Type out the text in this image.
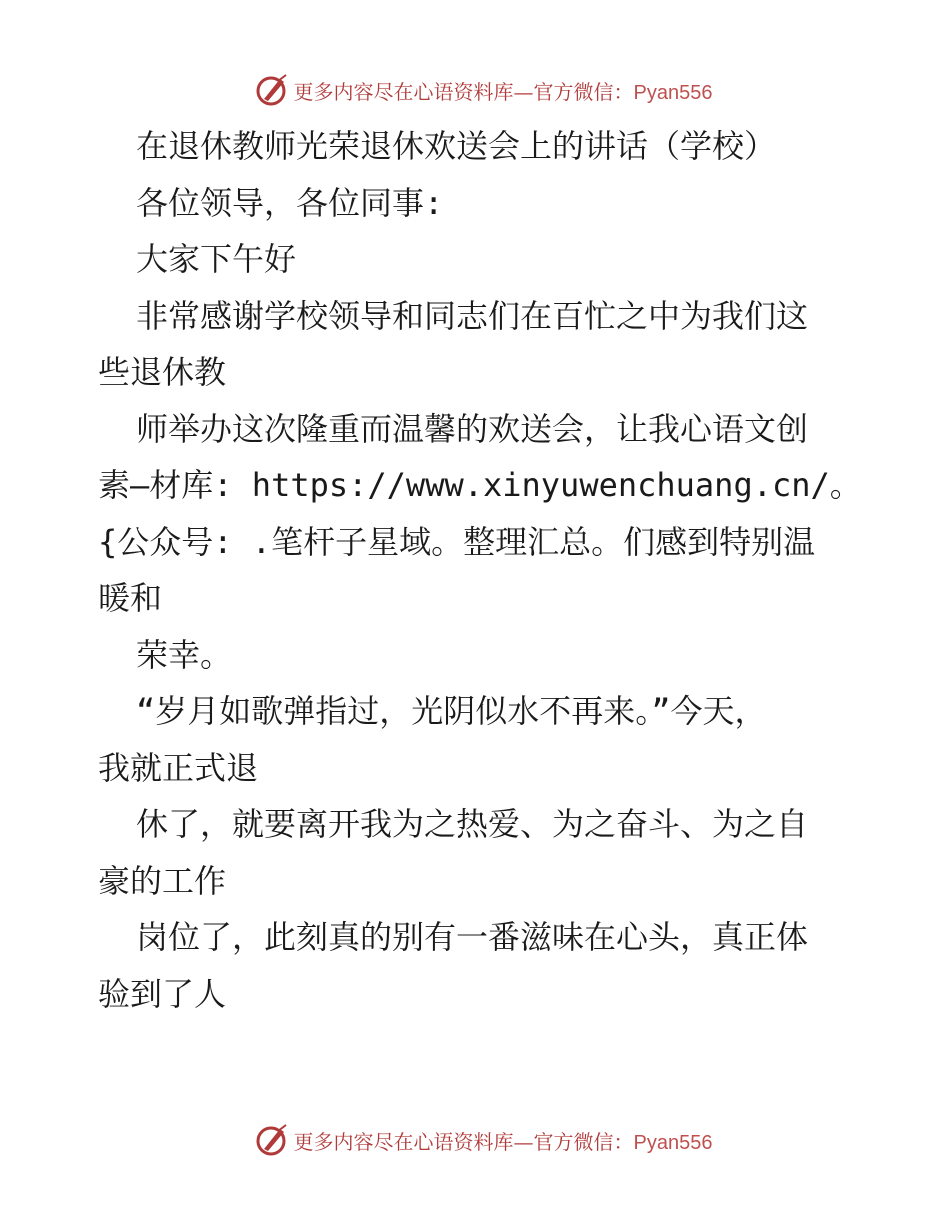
更多内容尽在心语资料库—官方微信：Pyan556
在退休教师光荣退休欢送会上的讲话（学校）
各位领导，各位同事:
大家下午好
非常感谢学校领导和同志们在百忙之中为我们这
些退休教
师举办这次隆重而温馨的欢送会，让我心语文创
素—材库: https://www.xinyuwenchuang.cn/。
{公众号: .笔杆子星域。整理汇总。们感到特别温
暖和
荣幸。
“岁月如歌弹指过，光阴似水不再来。”今天，
我就正式退
休了，就要离开我为之热爱、为之奋斗、为之自
豪的工作
岗位了，此刻真的别有一番滋味在心头，真正体
验到了人
更多内容尽在心语资料库—官方微信：Pyan556
